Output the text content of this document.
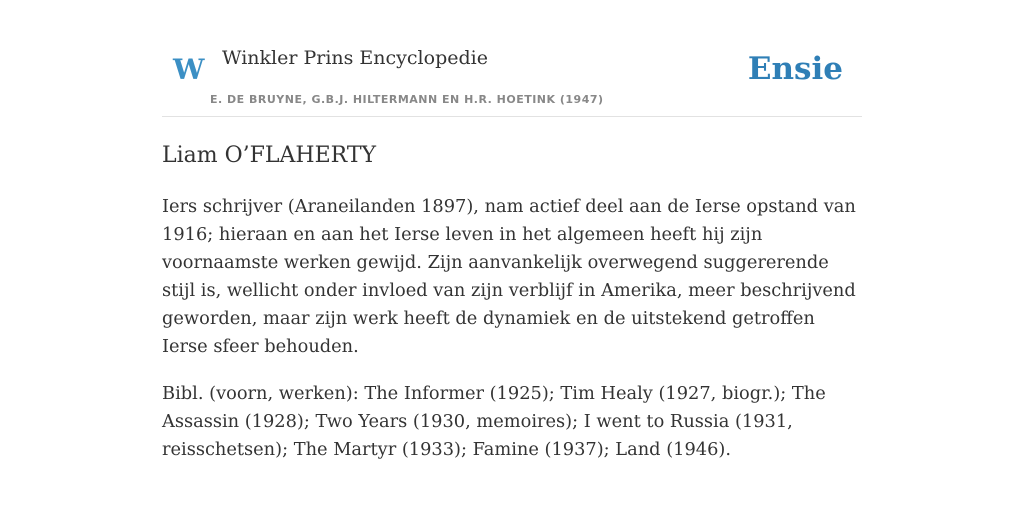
W Winkler Prins Encyclopedie
E. DE BRUYNE, G.B.J. HILTERMANN EN H.R. HOETINK (1947)
Ensie
Liam O’FLAHERTY

Iers schrijver (Araneilanden 1897), nam actief deel aan de Ierse opstand van 1916; hieraan en aan het Ierse leven in het algemeen heeft hij zijn voornaamste werken gewijd. Zijn aanvankelijk overwegend suggererende stijl is, wellicht onder invloed van zijn verblijf in Amerika, meer beschrijvend geworden, maar zijn werk heeft de dynamiek en de uitstekend getroffen Ierse sfeer behouden.

Bibl. (voorn, werken): The Informer (1925); Tim Healy (1927, biogr.); The Assassin (1928); Two Years (1930, memoires); I went to Russia (1931, reisschetsen); The Martyr (1933); Famine (1937); Land (1946).
